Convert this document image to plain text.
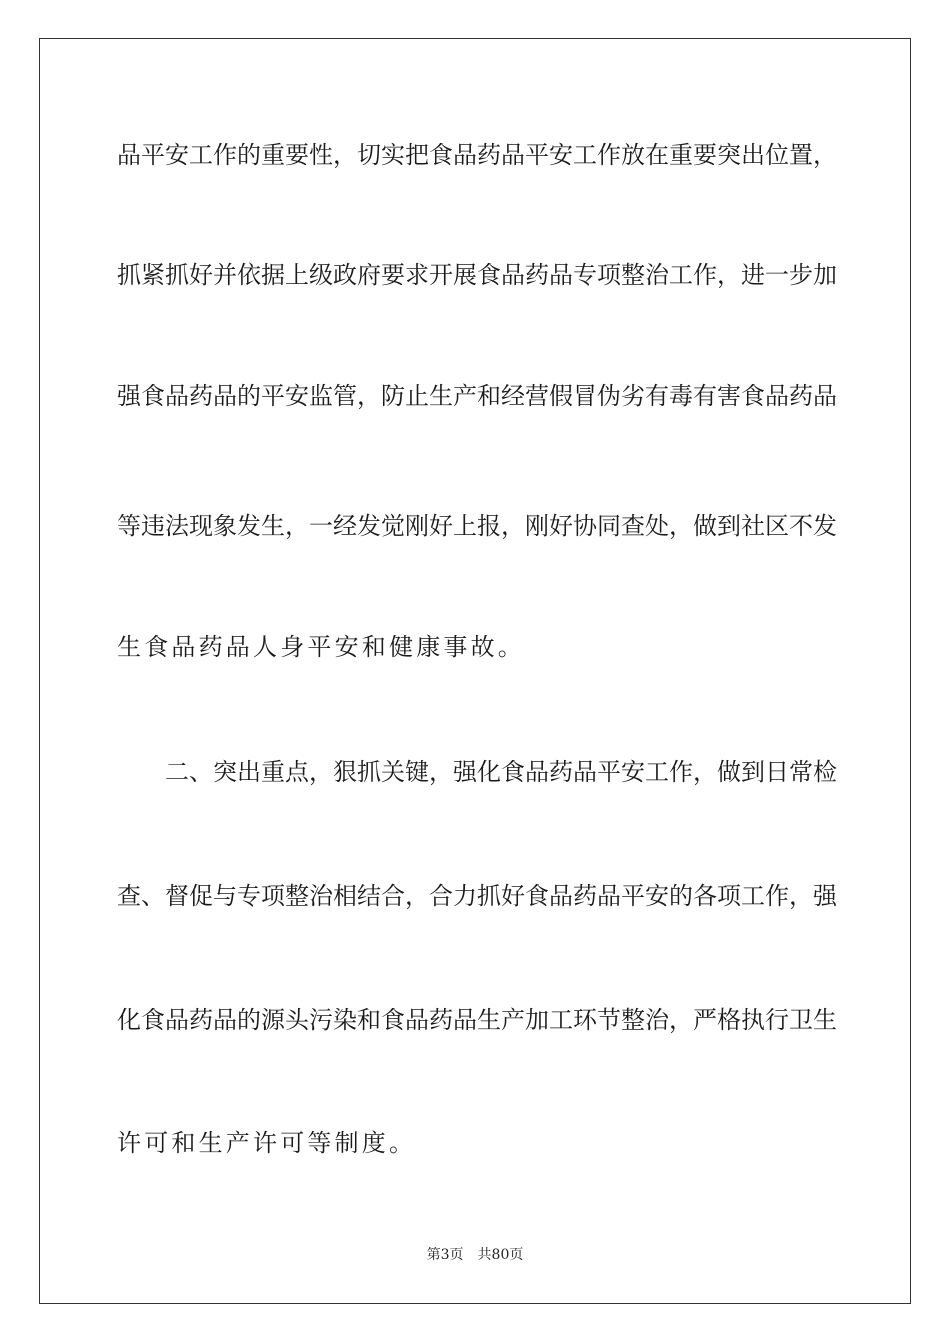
品平安工作的重要性，切实把食品药品平安工作放在重要突出位置，
抓紧抓好并依据上级政府要求开展食品药品专项整治工作，进一步加
强食品药品的平安监管，防止生产和经营假冒伪劣有毒有害食品药品
等违法现象发生，一经发觉刚好上报，刚好协同查处，做到社区不发
生食品药品人身平安和健康事故。
二、突出重点，狠抓关键，强化食品药品平安工作，做到日常检
查、督促与专项整治相结合，合力抓好食品药品平安的各项工作，强
化食品药品的源头污染和食品药品生产加工环节整治，严格执行卫生
许可和生产许可等制度。
第3页 共80页
